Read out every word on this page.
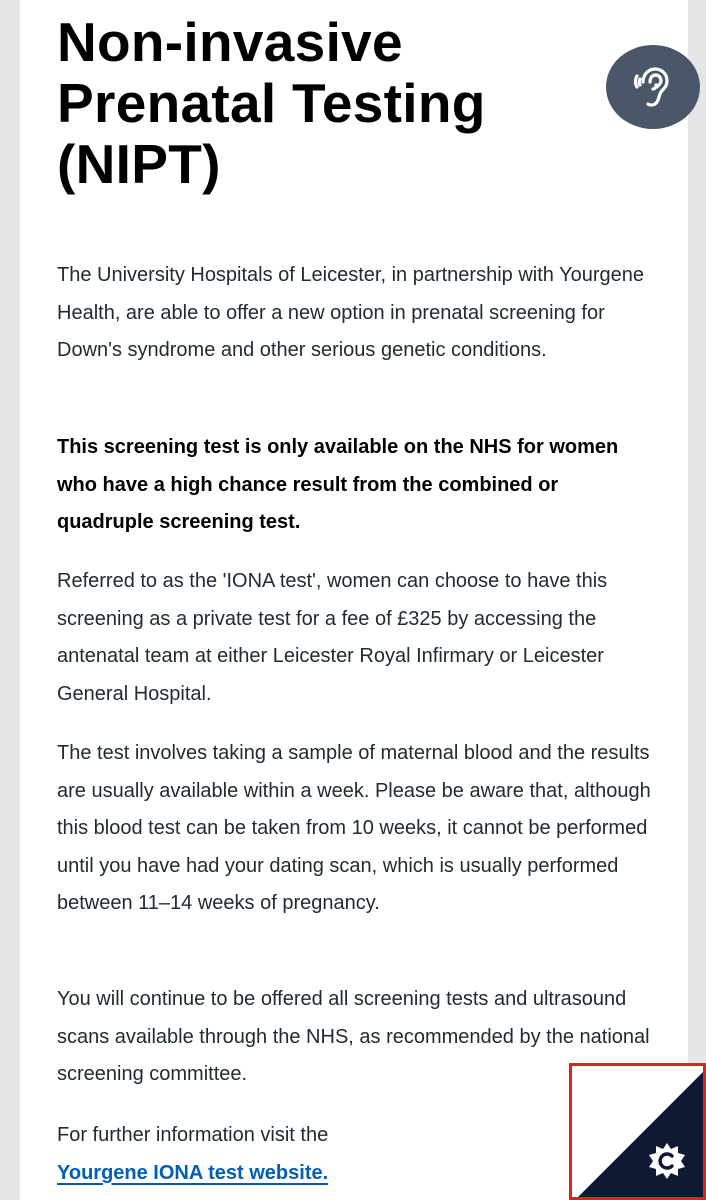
Non-invasive
Prenatal Testing
(NIPT)

The University Hospitals of Leicester, in partnership with Yourgene Health, are able to offer a new option in prenatal screening for Down's syndrome and other serious genetic conditions.

This screening test is only available on the NHS for women who have a high chance result from the combined or quadruple screening test.

Referred to as the 'IONA test', women can choose to have this screening as a private test for a fee of £325 by accessing the antenatal team at either Leicester Royal Infirmary or Leicester General Hospital.

The test involves taking a sample of maternal blood and the results are usually available within a week. Please be aware that, although this blood test can be taken from 10 weeks, it cannot be performed until you have had your dating scan, which is usually performed between 11–14 weeks of pregnancy.

You will continue to be offered all screening tests and ultrasound scans available through the NHS, as recommended by the national screening committee.

For further information visit the
Yourgene IONA test website.
